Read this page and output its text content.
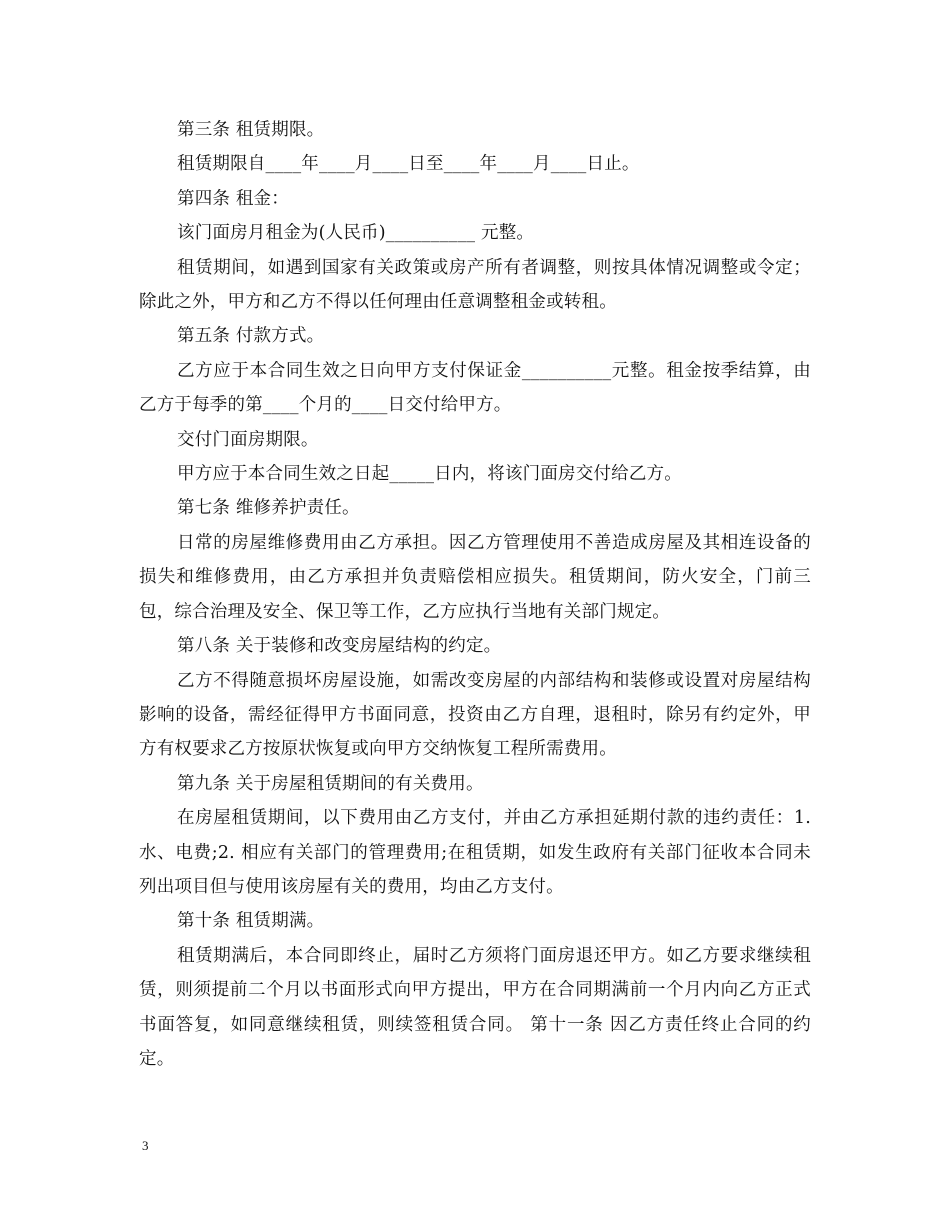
第三条 租赁期限。

租赁期限自____年____月____日至____年____月____日止。

第四条 租金：

该门面房月租金为(人民币)__________ 元整。

租赁期间，如遇到国家有关政策或房产所有者调整，则按具体情况调整或令定；除此之外，甲方和乙方不得以任何理由任意调整租金或转租。

第五条 付款方式。

乙方应于本合同生效之日向甲方支付保证金__________元整。租金按季结算，由乙方于每季的第____个月的____日交付给甲方。

交付门面房期限。

甲方应于本合同生效之日起_____日内，将该门面房交付给乙方。

第七条 维修养护责任。

日常的房屋维修费用由乙方承担。因乙方管理使用不善造成房屋及其相连设备的损失和维修费用，由乙方承担并负责赔偿相应损失。租赁期间，防火安全，门前三包，综合治理及安全、保卫等工作，乙方应执行当地有关部门规定。

第八条 关于装修和改变房屋结构的约定。

乙方不得随意损坏房屋设施，如需改变房屋的内部结构和装修或设置对房屋结构影响的设备，需经征得甲方书面同意，投资由乙方自理，退租时，除另有约定外，甲方有权要求乙方按原状恢复或向甲方交纳恢复工程所需费用。

第九条 关于房屋租赁期间的有关费用。

在房屋租赁期间，以下费用由乙方支付，并由乙方承担延期付款的违约责任：1.水、电费;2. 相应有关部门的管理费用;在租赁期，如发生政府有关部门征收本合同未列出项目但与使用该房屋有关的费用，均由乙方支付。

第十条 租赁期满。

租赁期满后，本合同即终止，届时乙方须将门面房退还甲方。如乙方要求继续租赁，则须提前二个月以书面形式向甲方提出，甲方在合同期满前一个月内向乙方正式书面答复，如同意继续租赁，则续签租赁合同。 第十一条 因乙方责任终止合同的约定。

3
